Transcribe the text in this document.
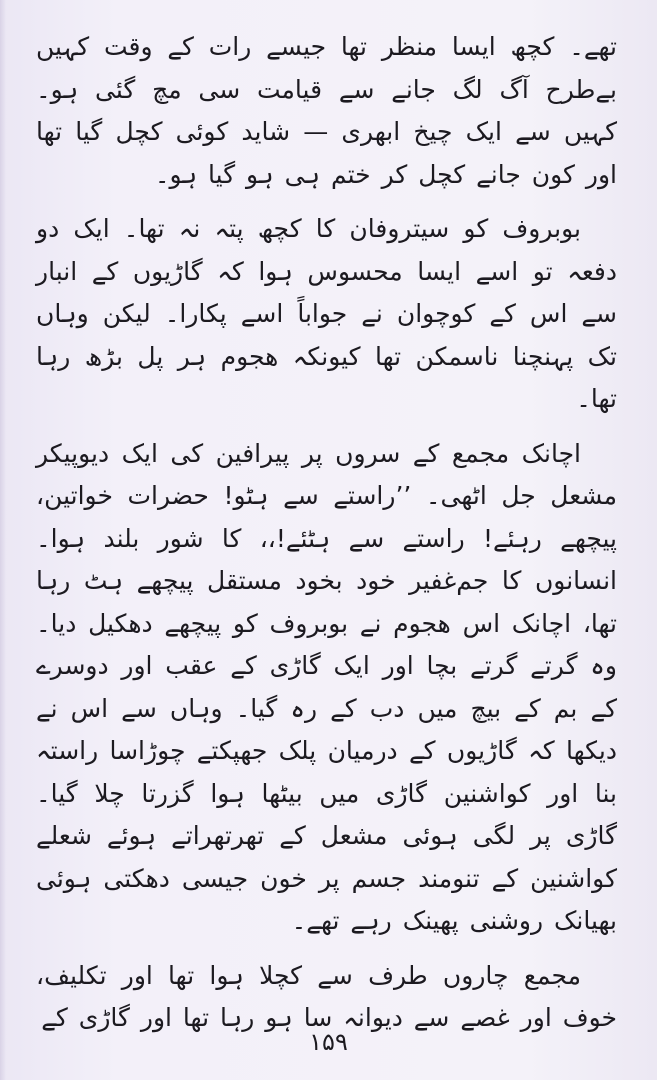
تھے۔ کچھ ایسا منظر تھا جیسے رات کے وقت کہیں بےطرح آگ لگ جانے سے قیامت سی مچ گئی ہو۔ کہیں سے ایک چیخ ابھری — شاید کوئی کچل گیا تھا اور کون جانے کچل کر ختم ہی ہو گیا ہو۔

بوبروف کو سیتروفان کا کچھ پتہ نہ تھا۔ ایک دو دفعہ تو اسے ایسا محسوس ہوا کہ گاڑیوں کے انبار سے اس کے کوچوان نے جواباً اسے پکارا۔ لیکن وہاں تک پہنچنا ناسمکن تھا کیونکہ ھجوم ہر پل بڑھ رہا تھا۔

اچانک مجمع کے سروں پر پیرافین کی ایک دیوپیکر مشعل جل اٹھی۔ ’’راستے سے ہٹو! حضرات خواتین، پیچھے رہئے! راستے سے ہٹئے!،، کا شور بلند ہوا۔ انسانوں کا جم‌غفیر خود بخود مستقل پیچھے ہٹ رہا تھا، اچانک اس ھجوم نے بوبروف کو پیچھے دھکیل دیا۔ وہ گرتے گرتے بچا اور ایک گاڑی کے عقب اور دوسرے کے بم کے بیچ میں دب کے رہ گیا۔ وہاں سے اس نے دیکھا کہ گاڑیوں کے درمیان پلک جھپکتے چوڑاسا راستہ بنا اور کواشنین گاڑی میں بیٹھا ہوا گزرتا چلا گیا۔ گاڑی پر لگی ہوئی مشعل کے تھرتھراتے ہوئے شعلے کواشنین کے تنومند جسم پر خون جیسی دھکتی ہوئی بھیانک روشنی پھینک رہے تھے۔

مجمع چاروں طرف سے کچلا ہوا تھا اور تکلیف، خوف اور غصے سے دیوانہ سا ہو رہا تھا اور گاڑی کے

۱۵۹
